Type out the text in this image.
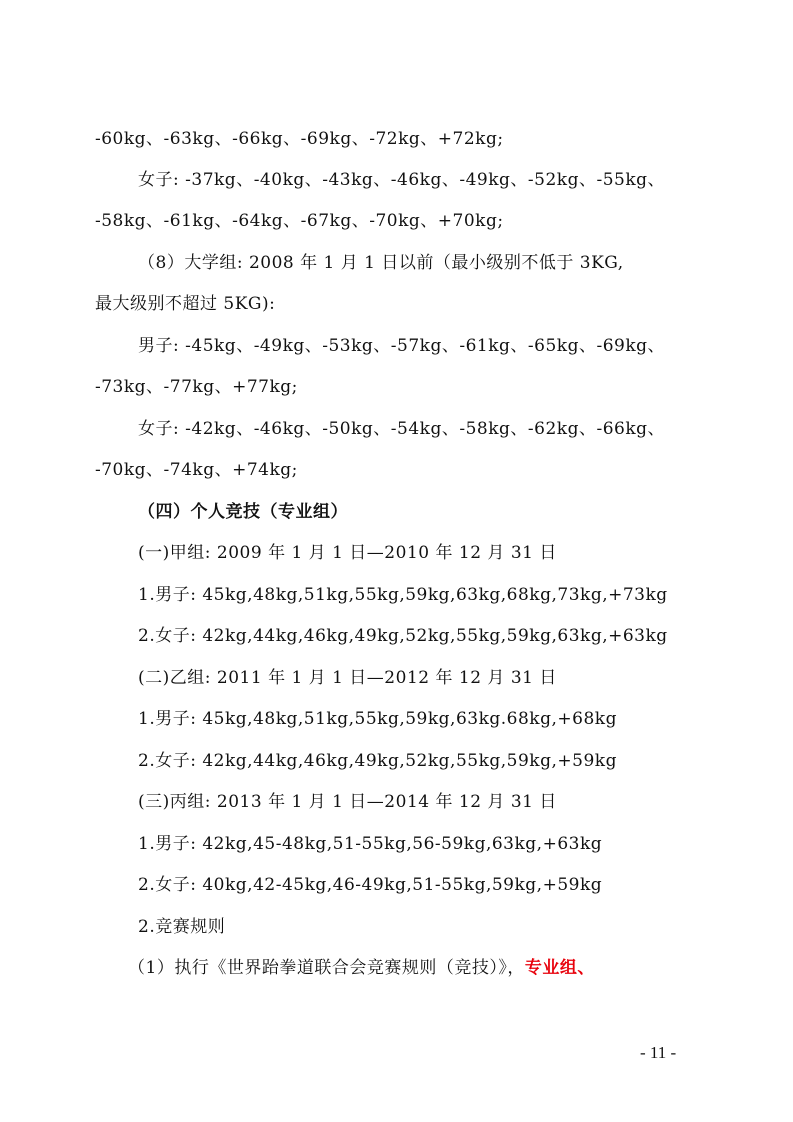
-60kg、-63kg、-66kg、-69kg、-72kg、+72kg;
女子: -37kg、-40kg、-43kg、-46kg、-49kg、-52kg、-55kg、
-58kg、-61kg、-64kg、-67kg、-70kg、+70kg;
（8）大学组: 2008 年 1 月 1 日以前（最小级别不低于 3KG,
最大级别不超过 5KG):
男子: -45kg、-49kg、-53kg、-57kg、-61kg、-65kg、-69kg、
-73kg、-77kg、+77kg;
女子: -42kg、-46kg、-50kg、-54kg、-58kg、-62kg、-66kg、
-70kg、-74kg、+74kg;
（四）个人竞技（专业组）
(一)甲组: 2009 年 1 月 1 日—2010 年 12 月 31 日
1.男子: 45kg,48kg,51kg,55kg,59kg,63kg,68kg,73kg,+73kg
2.女子: 42kg,44kg,46kg,49kg,52kg,55kg,59kg,63kg,+63kg
(二)乙组: 2011 年 1 月 1 日—2012 年 12 月 31 日
1.男子: 45kg,48kg,51kg,55kg,59kg,63kg.68kg,+68kg
2.女子: 42kg,44kg,46kg,49kg,52kg,55kg,59kg,+59kg
(三)丙组: 2013 年 1 月 1 日—2014 年 12 月 31 日
1.男子: 42kg,45-48kg,51-55kg,56-59kg,63kg,+63kg
2.女子: 40kg,42-45kg,46-49kg,51-55kg,59kg,+59kg
2.竞赛规则
（1）执行《世界跆拳道联合会竞赛规则（竞技）》，专业组、
- 11 -
